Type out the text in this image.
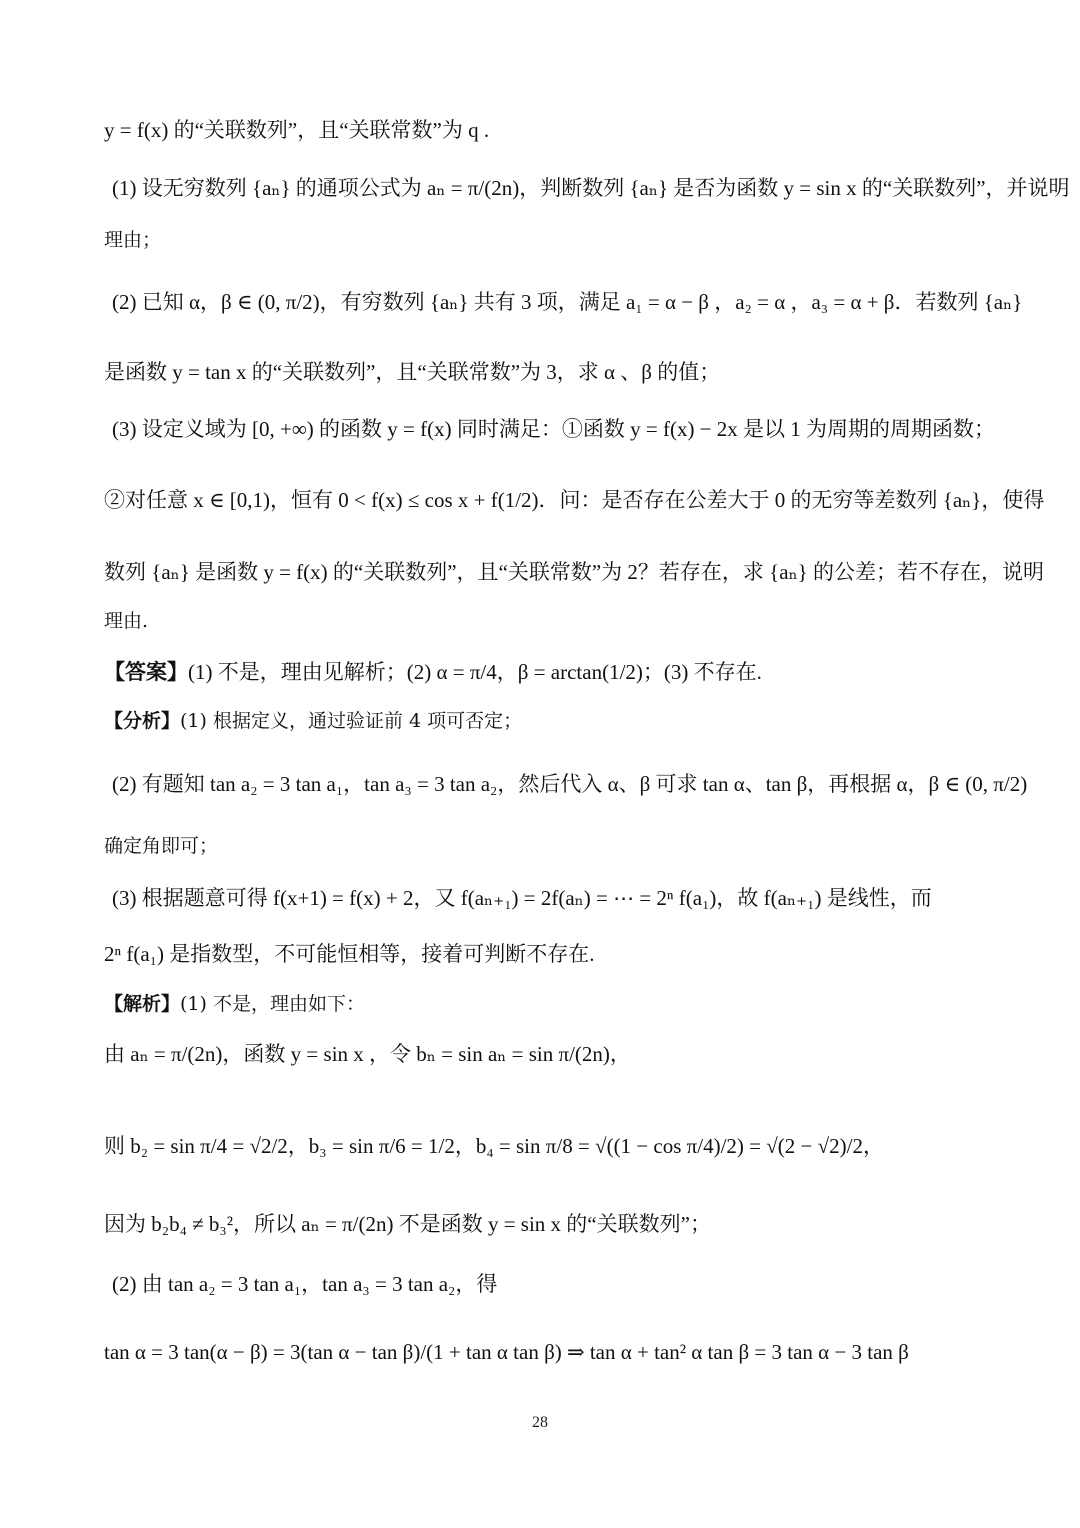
y = f(x) 的“关联数列”，且“关联常数”为 q .
(1) 设无穷数列 {aₙ} 的通项公式为 aₙ = π/(2n)，判断数列 {aₙ} 是否为函数 y = sin x 的“关联数列”，并说明
理由；
(2) 已知 α，β ∈ (0, π/2)，有穷数列 {aₙ} 共有 3 项，满足 a₁ = α − β ，a₂ = α ，a₃ = α + β．若数列 {aₙ}
是函数 y = tan x 的“关联数列”，且“关联常数”为 3，求 α 、β 的值；
(3) 设定义域为 [0, +∞) 的函数 y = f(x) 同时满足：①函数 y = f(x) − 2x 是以 1 为周期的周期函数；
②对任意 x ∈ [0,1)，恒有 0 < f(x) ≤ cos x + f(1/2)．问：是否存在公差大于 0 的无穷等差数列 {aₙ}，使得
数列 {aₙ} 是函数 y = f(x) 的“关联数列”，且“关联常数”为 2？若存在，求 {aₙ} 的公差；若不存在，说明
理由.
【答案】(1) 不是，理由见解析；(2) α = π/4，β = arctan(1/2)；(3) 不存在.
【分析】(1) 根据定义，通过验证前 4 项可否定；
(2) 有题知 tan a₂ = 3 tan a₁，tan a₃ = 3 tan a₂，然后代入 α、β 可求 tan α、tan β，再根据 α，β ∈ (0, π/2)
确定角即可；
(3) 根据题意可得 f(x+1) = f(x) + 2，又 f(aₙ₊₁) = 2f(aₙ) = ⋯ = 2ⁿ f(a₁)，故 f(aₙ₊₁) 是线性，而
2ⁿ f(a₁) 是指数型，不可能恒相等，接着可判断不存在.
【解析】(1) 不是，理由如下：
由 aₙ = π/(2n)，函数 y = sin x ，令 bₙ = sin aₙ = sin π/(2n)，
则 b₂ = sin π/4 = √2/2，b₃ = sin π/6 = 1/2，b₄ = sin π/8 = √((1 − cos π/4)/2) = √(2 − √2)/2，
因为 b₂b₄ ≠ b₃²，所以 aₙ = π/(2n) 不是函数 y = sin x 的“关联数列”；
(2) 由 tan a₂ = 3 tan a₁，tan a₃ = 3 tan a₂，得
tan α = 3 tan(α − β) = 3(tan α − tan β)/(1 + tan α tan β) ⇒ tan α + tan² α tan β = 3 tan α − 3 tan β
28
